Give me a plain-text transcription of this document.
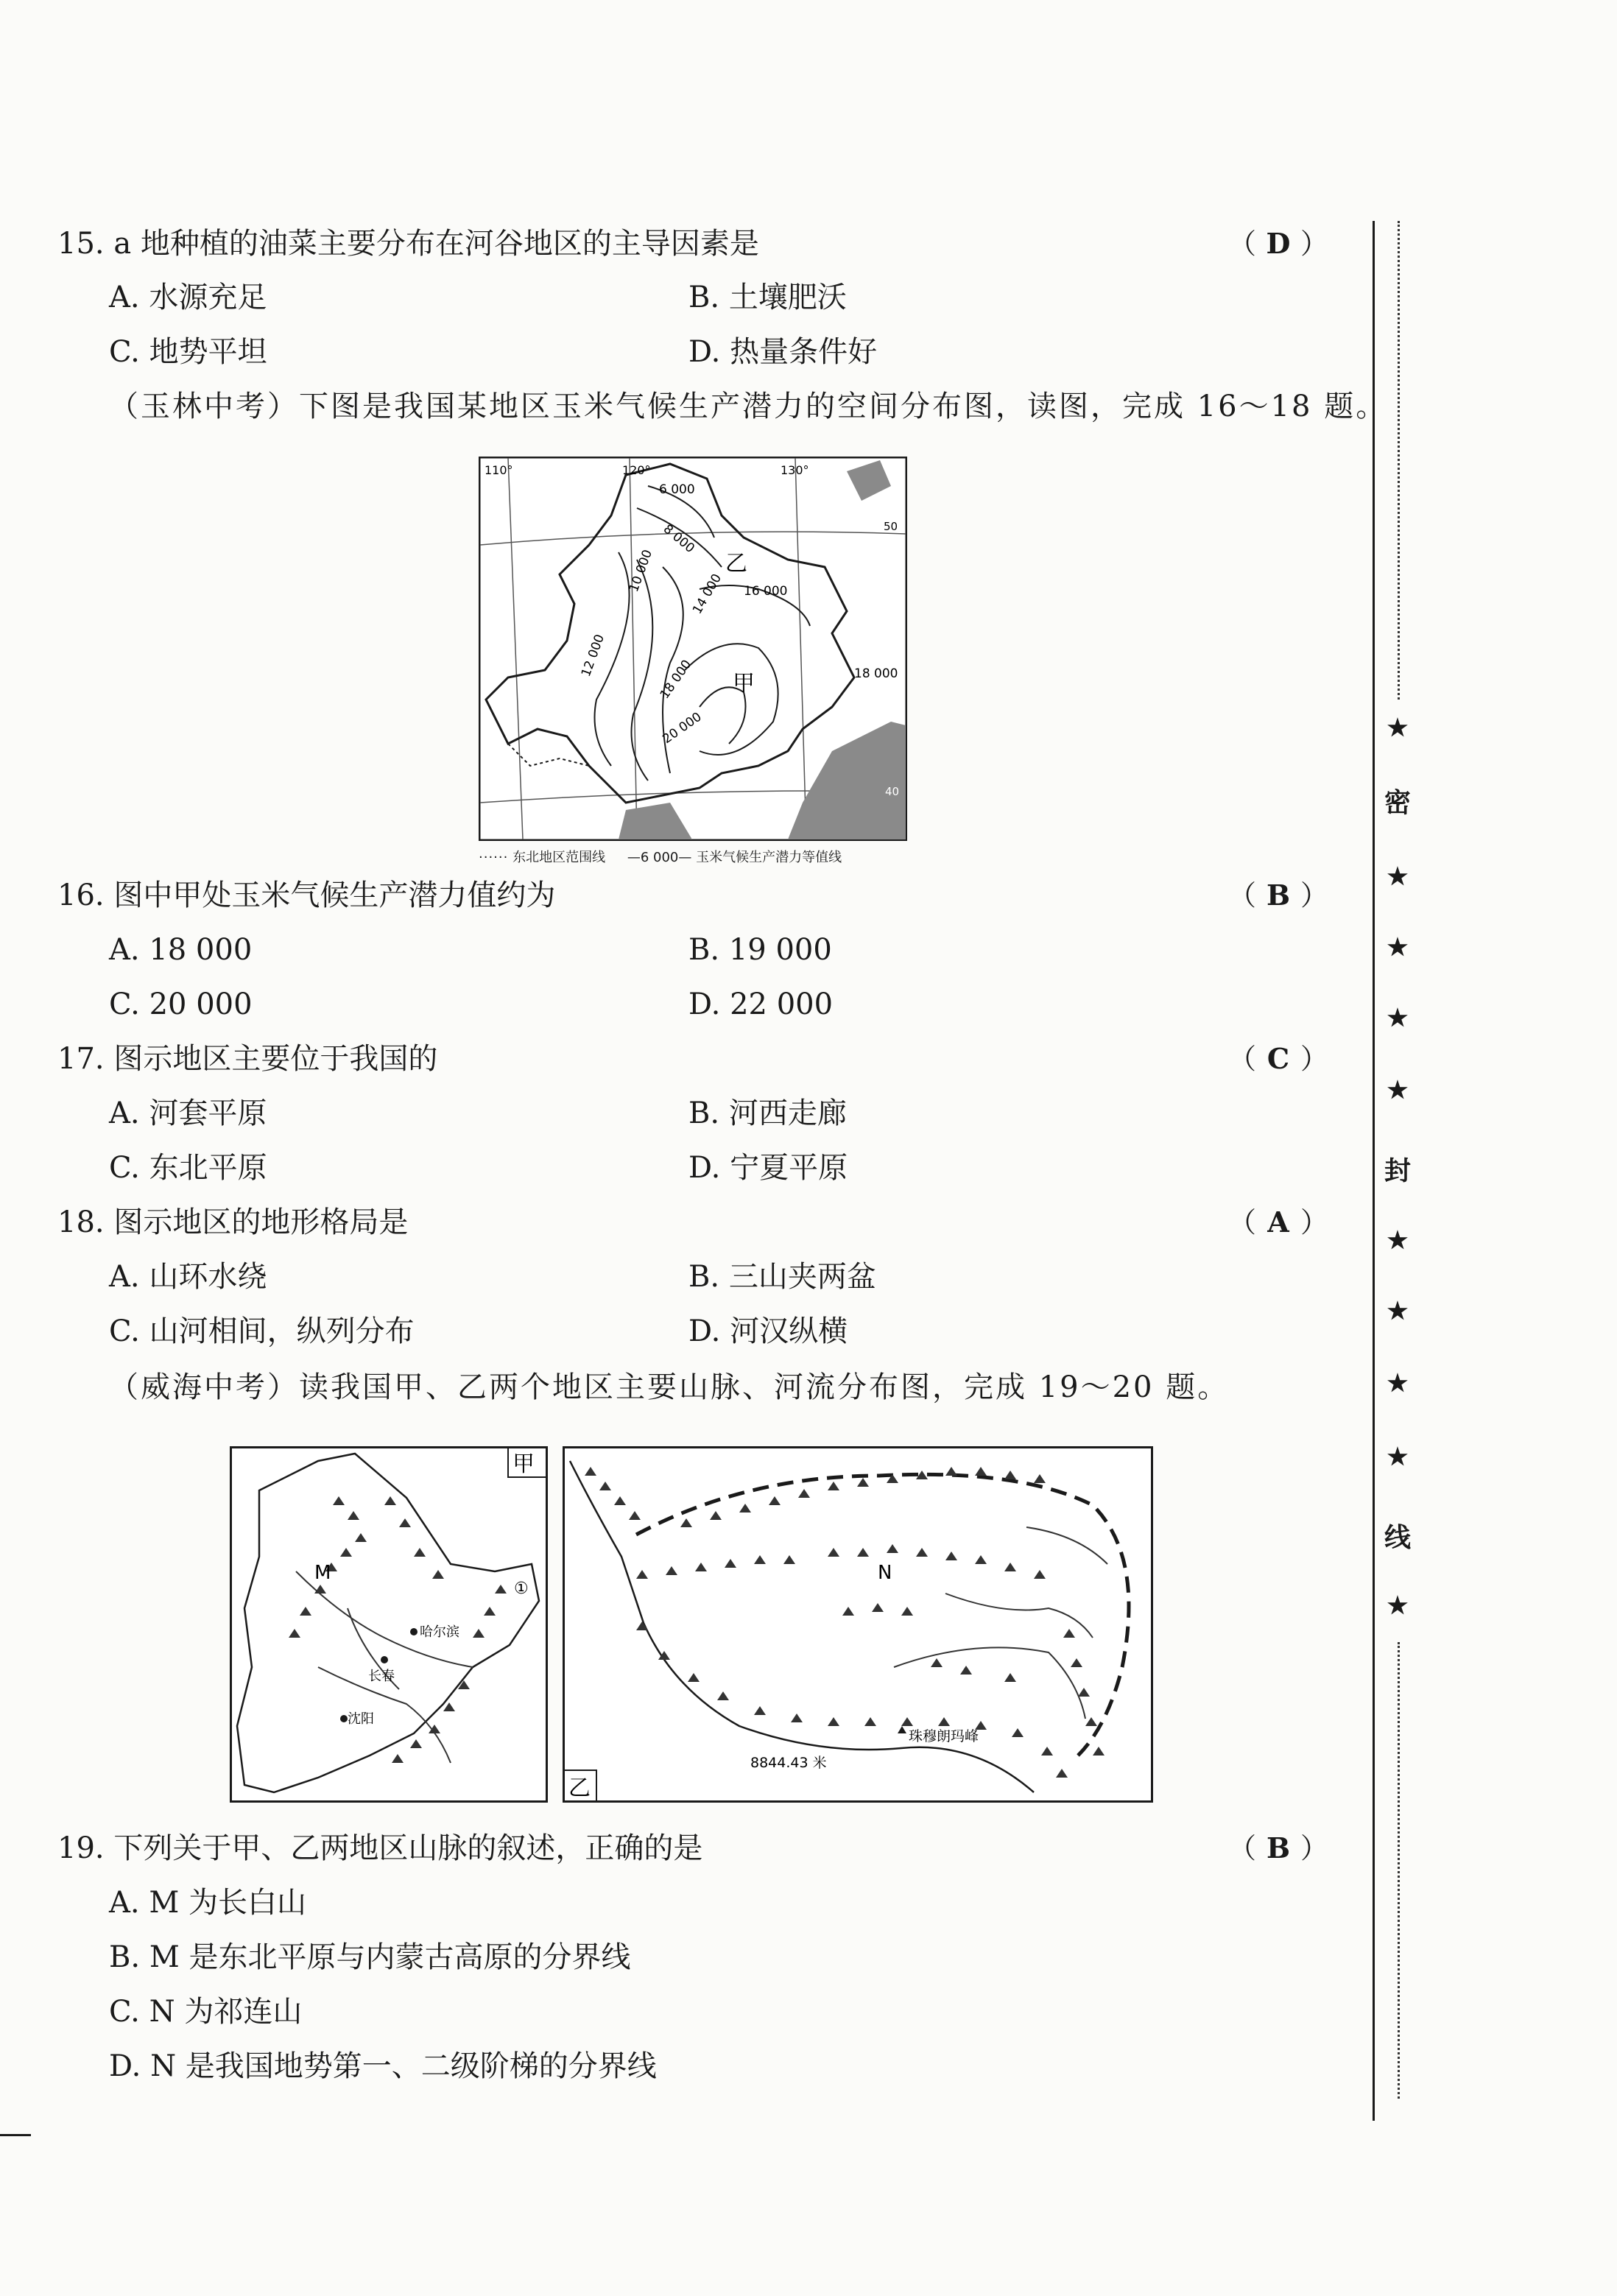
15. a 地种植的油菜主要分布在河谷地区的主导因素是	（ D ）
A. 水源充足	B. 土壤肥沃
C. 地势平坦	D. 热量条件好
（玉林中考）下图是我国某地区玉米气候生产潜力的空间分布图，读图，完成 16～18 题。
110°	120°	130°
50
40
6 000
8 000
10 000
12 000
14 000 16 000
18 000
20 000
18 000
乙
甲
······ 东北地区范围线 —6 000— 玉米气候生产潜力等值线
16. 图中甲处玉米气候生产潜力值约为	（ B ）
A. 18 000	B. 19 000
C. 20 000	D. 22 000
17. 图示地区主要位于我国的	（ C ）
A. 河套平原	B. 河西走廊
C. 东北平原	D. 宁夏平原
18. 图示地区的地形格局是	（ A ）
A. 山环水绕	B. 三山夹两盆
C. 山河相间，纵列分布	D. 河汉纵横
（威海中考）读我国甲、乙两个地区主要山脉、河流分布图，完成 19～20 题。
甲
M
①
哈尔滨
长春
沈阳
乙
N
珠穆朗玛峰
8844.43 米
19. 下列关于甲、乙两地区山脉的叙述，正确的是	（ B ）
A. M 为长白山
B. M 是东北平原与内蒙古高原的分界线
C. N 为祁连山
D. N 是我国地势第一、二级阶梯的分界线
★
密
★
★
★
★
封
★
★
★
★
线
★
